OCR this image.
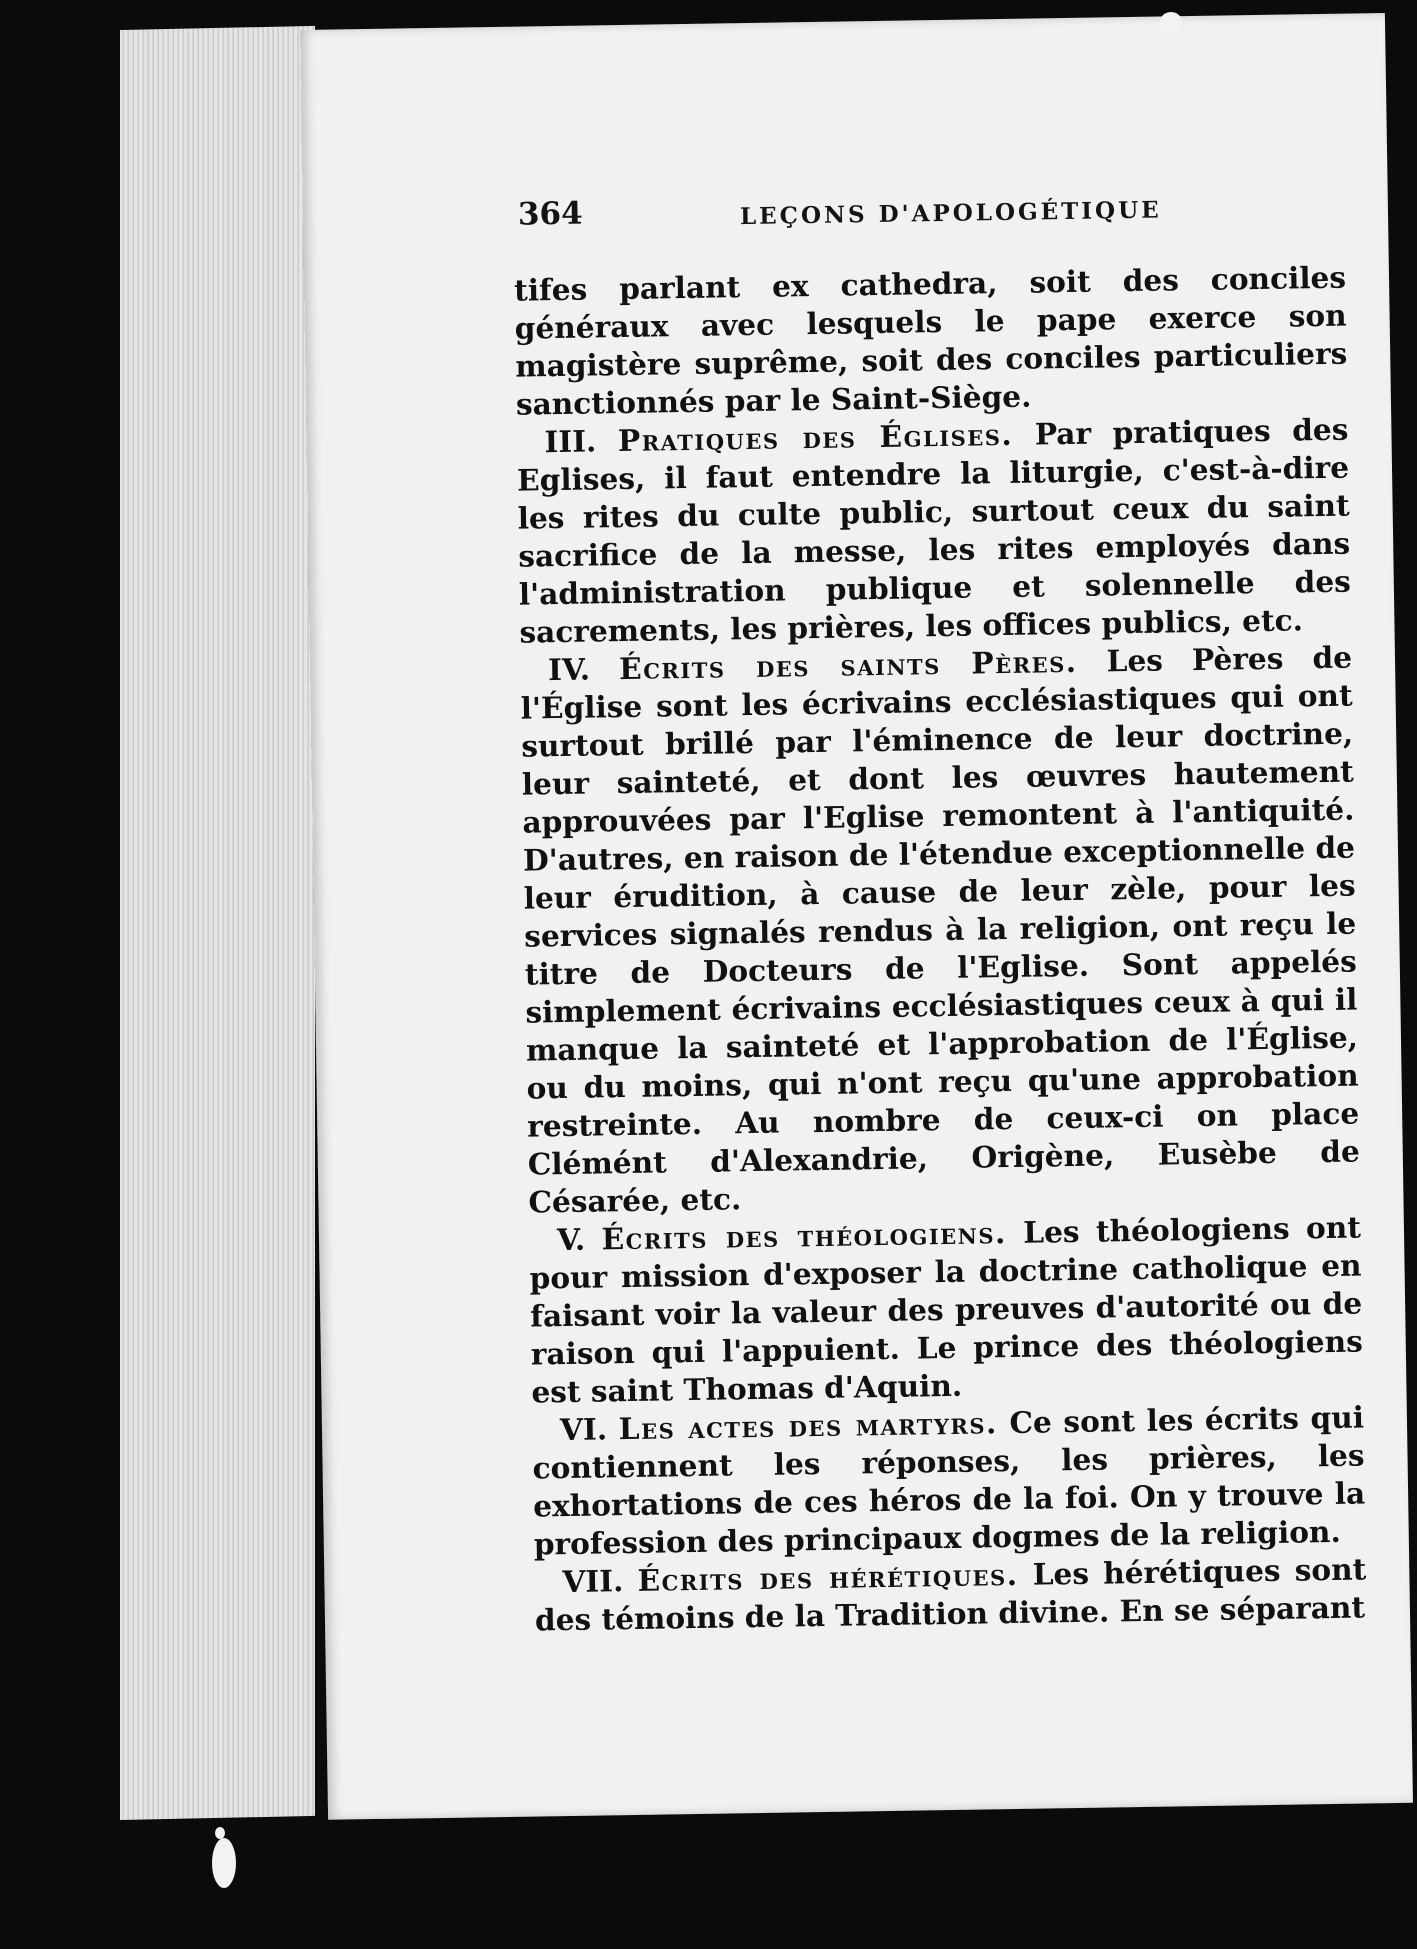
364	LEÇONS D'APOLOGÉTIQUE

tifes parlant ex cathedra, soit des conciles généraux avec lesquels le pape exerce son magistère suprême, soit des conciles particuliers sanctionnés par le Saint-Siège.

III. Pratiques des Églises. Par pratiques des Eglises, il faut entendre la liturgie, c'est-à-dire les rites du culte public, surtout ceux du saint sacrifice de la messe, les rites employés dans l'administration publique et solennelle des sacrements, les prières, les offices publics, etc.

IV. Écrits des saints Pères. Les Pères de l'Église sont les écrivains ecclésiastiques qui ont surtout brillé par l'éminence de leur doctrine, leur sainteté, et dont les œuvres hautement approuvées par l'Eglise remontent à l'antiquité. D'autres, en raison de l'étendue exceptionnelle de leur érudition, à cause de leur zèle, pour les services signalés rendus à la religion, ont reçu le titre de Docteurs de l'Eglise. Sont appelés simplement écrivains ecclésiastiques ceux à qui il manque la sainteté et l'approbation de l'Église, ou du moins, qui n'ont reçu qu'une approbation restreinte. Au nombre de ceux-ci on place Clémént d'Alexandrie, Origène, Eusèbe de Césarée, etc.

V. Écrits des théologiens. Les théologiens ont pour mission d'exposer la doctrine catholique en faisant voir la valeur des preuves d'autorité ou de raison qui l'appuient. Le prince des théologiens est saint Thomas d'Aquin.

VI. Les actes des martyrs. Ce sont les écrits qui contiennent les réponses, les prières, les exhortations de ces héros de la foi. On y trouve la profession des principaux dogmes de la religion.

VII. Écrits des hérétiques. Les hérétiques sont des témoins de la Tradition divine. En se séparant
